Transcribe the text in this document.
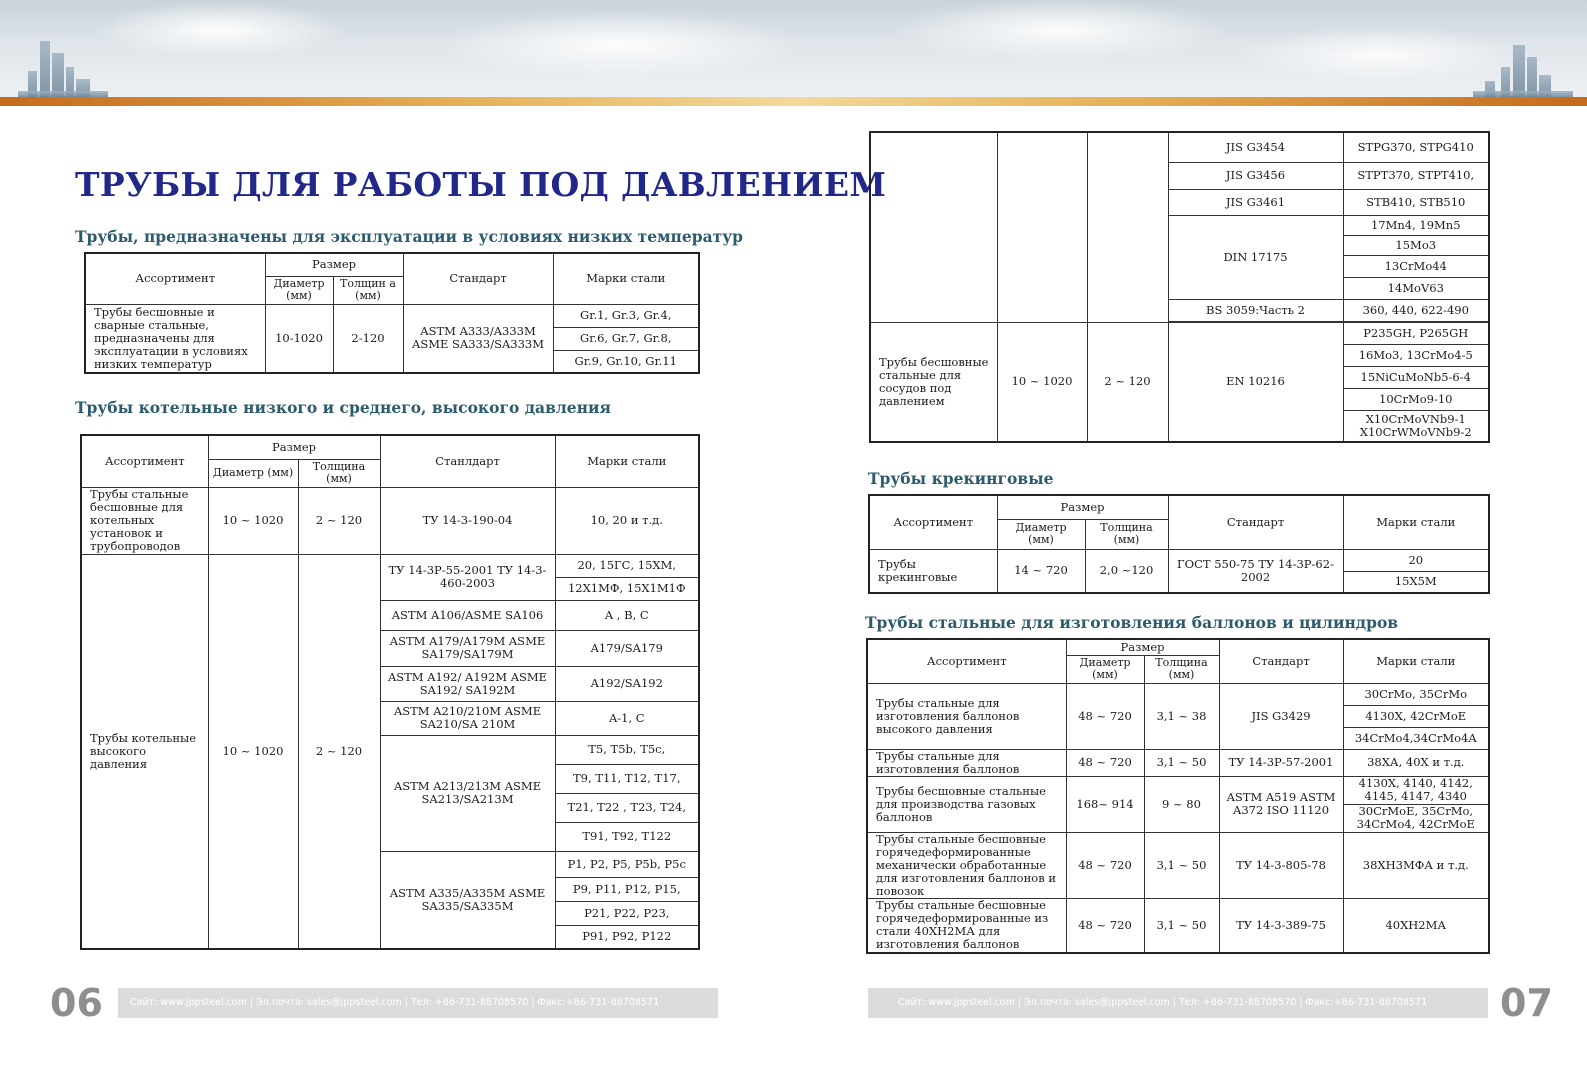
ТРУБЫ ДЛЯ РАБОТЫ ПОД ДАВЛЕНИЕМ
Трубы, предназначены для эксплуатации в условиях низких температур
Ассортимент	Размер		Стандарт	Марки стали
	Диаметр (мм)	Толщин а (мм)		
Трубы бесшовные и сварные стальные, предназначены для эксплуатации в условиях низких температур	10-1020	2-120	ASTM A333/A333M ASME SA333/SA333M	Gr.1, Gr.3, Gr.4,
				Gr.6, Gr.7, Gr.8,
				Gr.9, Gr.10, Gr.11
Трубы котельные низкого и среднего, высокого давления
Ассортимент	Размер		Станлдарт	Марки стали
	Диаметр (мм)	Толщина (мм)		
Трубы стальные бесшовные для котельных установок и трубопроводов	10 ~ 1020	2 ~ 120	ТУ 14-3-190-04	10, 20 и т.д.
Трубы котельные высокого давления	10 ~ 1020	2 ~ 120	ТУ 14-3Р-55-2001 ТУ 14-3-460-2003	20, 15ГС, 15ХМ,
				12Х1МФ, 15Х1М1Ф
			ASTM A106/ASME SA106	A , B, C
			ASTM A179/A179M ASME SA179/SA179M	A179/SA179
			ASTM A192/ A192M ASME SA192/ SA192M	A192/SA192
			ASTM A210/210M ASME SA210/SA 210M	A-1, C
			ASTM A213/213M ASME SA213/SA213M	T5, T5b, T5c,
				T9, T11, T12, T17,
				T21, T22 , T23, T24,
				T91, T92, T122
			ASTM A335/A335M ASME SA335/SA335M	P1, P2, P5, P5b, P5c
				P9, P11, P12, P15,
				P21, P22, P23,
				P91, P92, P122
			JIS G3454	STPG370, STPG410
			JIS G3456	STPT370, STPT410,
			JIS G3461	STB410, STB510
			DIN 17175	17Mn4, 19Mn5
				15Mo3
				13CrMo44
				14MoV63
			BS 3059:Часть 2	360, 440, 622-490

Трубы бесшовные стальные для сосудов под давлением	10 ~ 1020	2 ~ 120	EN 10216	P235GH, P265GH
				16Mo3, 13CrMo4-5
				15NiCuMoNb5-6-4
				10CrMo9-10
				X10CrMoVNb9-1 X10CrWMoVNb9-2
Трубы крекинговые
Ассортимент	Размер		Стандарт	Марки стали
	Диаметр (мм)	Толщина (мм)		
Трубы крекинговые	14 ~ 720	2,0 ~120	ГОСТ 550-75 ТУ 14-3Р-62-2002	20
				15Х5М
Трубы стальные для изготовления баллонов и цилиндров
Ассортимент	Размер		Стандарт	Марки стали
	Диаметр (мм)	Толщина (мм)		
Трубы стальные для изготовления баллонов высокого давления	48 ~ 720	3,1 ~ 38	JIS G3429	30CrMo, 35CrMo
				4130X, 42CrMoE
				34CrMo4,34CrMo4A
Трубы стальные для изготовления баллонов	48 ~ 720	3,1 ~ 50	ТУ 14-3Р-57-2001	38ХА, 40Х и т.д.
Трубы бесшовные стальные для производства газовых баллонов	168~ 914	9 ~ 80	ASTM A519 ASTM A372 ISO 11120	4130X, 4140, 4142, 4145, 4147, 4340
				30CrMoE, 35CrMo, 34CrMo4, 42CrMoE
Трубы стальные бесшовные горячедеформированные механически обработанные для изготовления баллонов и повозок	48 ~ 720	3,1 ~ 50	ТУ 14-3-805-78	38ХН3МФА и т.д.
Трубы стальные бесшовные горячедеформированные из стали 40ХН2МА для изготовления баллонов	48 ~ 720	3,1 ~ 50	ТУ 14-3-389-75	40ХН2МА
Сайт: www.jppsteel.com | Эл.почта: sales@jppsteel.com | Тел: +86-731-88708570 | Факс:+86-731-88708571
06	Сайт: www.jppsteel.com | Эл.почта: sales@jppsteel.com | Тел: +86-731-88708570 | Факс:+86-731-88708571	07
